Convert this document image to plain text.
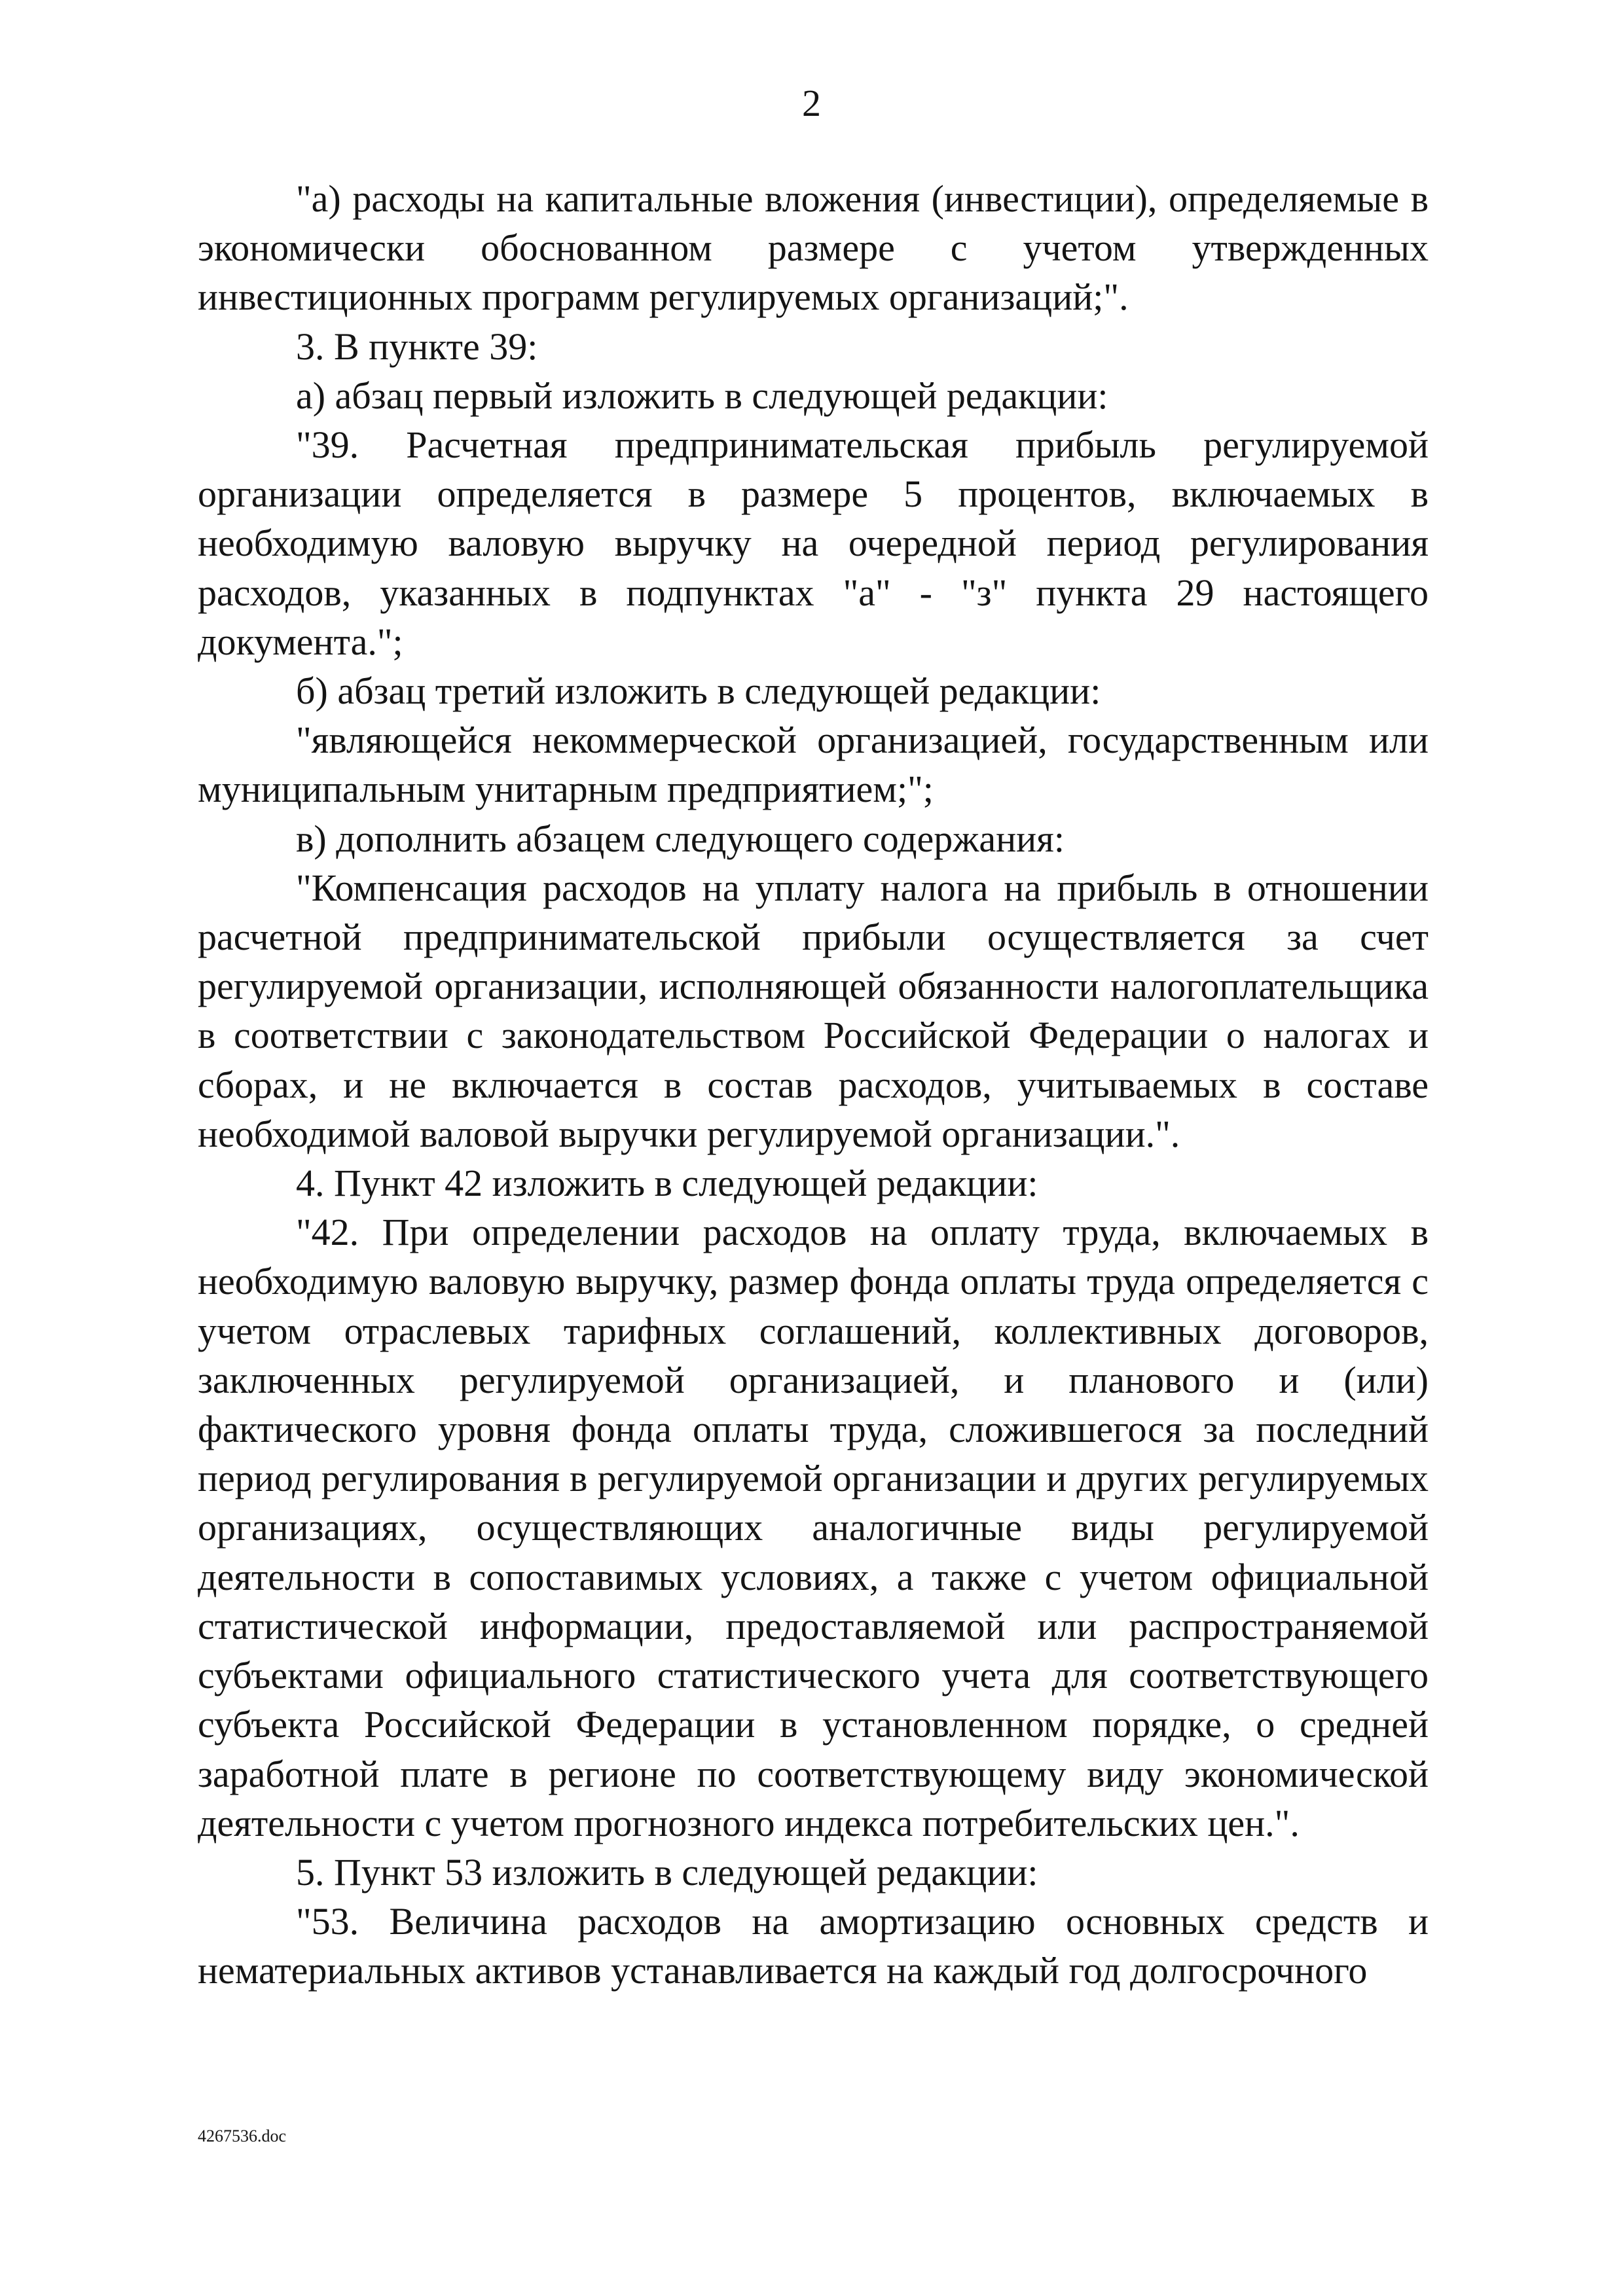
2

"а) расходы на капитальные вложения (инвестиции), определяемые в экономически обоснованном размере с учетом утвержденных инвестиционных программ регулируемых организаций;".

3. В пункте 39:

а) абзац первый изложить в следующей редакции:

"39. Расчетная предпринимательская прибыль регулируемой организации определяется в размере 5 процентов, включаемых в необходимую валовую выручку на очередной период регулирования расходов, указанных в подпунктах "а" - "з" пункта 29 настоящего документа.";

б) абзац третий изложить в следующей редакции:

"являющейся некоммерческой организацией, государственным или муниципальным унитарным предприятием;";

в) дополнить абзацем следующего содержания:

"Компенсация расходов на уплату налога на прибыль в отношении расчетной предпринимательской прибыли осуществляется за счет регулируемой организации, исполняющей обязанности налогоплательщика в соответствии с законодательством Российской Федерации о налогах и сборах, и не включается в состав расходов, учитываемых в составе необходимой валовой выручки регулируемой организации.".

4. Пункт 42 изложить в следующей редакции:

"42. При определении расходов на оплату труда, включаемых в необходимую валовую выручку, размер фонда оплаты труда определяется с учетом отраслевых тарифных соглашений, коллективных договоров, заключенных регулируемой организацией, и планового и (или) фактического уровня фонда оплаты труда, сложившегося за последний период регулирования в регулируемой организации и других регулируемых организациях, осуществляющих аналогичные виды регулируемой деятельности в сопоставимых условиях, а также с учетом официальной статистической информации, предоставляемой или распространяемой субъектами официального статистического учета для соответствующего субъекта Российской Федерации в установленном порядке, о средней заработной плате в регионе по соответствующему виду экономической деятельности с учетом прогнозного индекса потребительских цен.".

5. Пункт 53 изложить в следующей редакции:

"53. Величина расходов на амортизацию основных средств и нематериальных активов устанавливается на каждый год долгосрочного

4267536.doc
